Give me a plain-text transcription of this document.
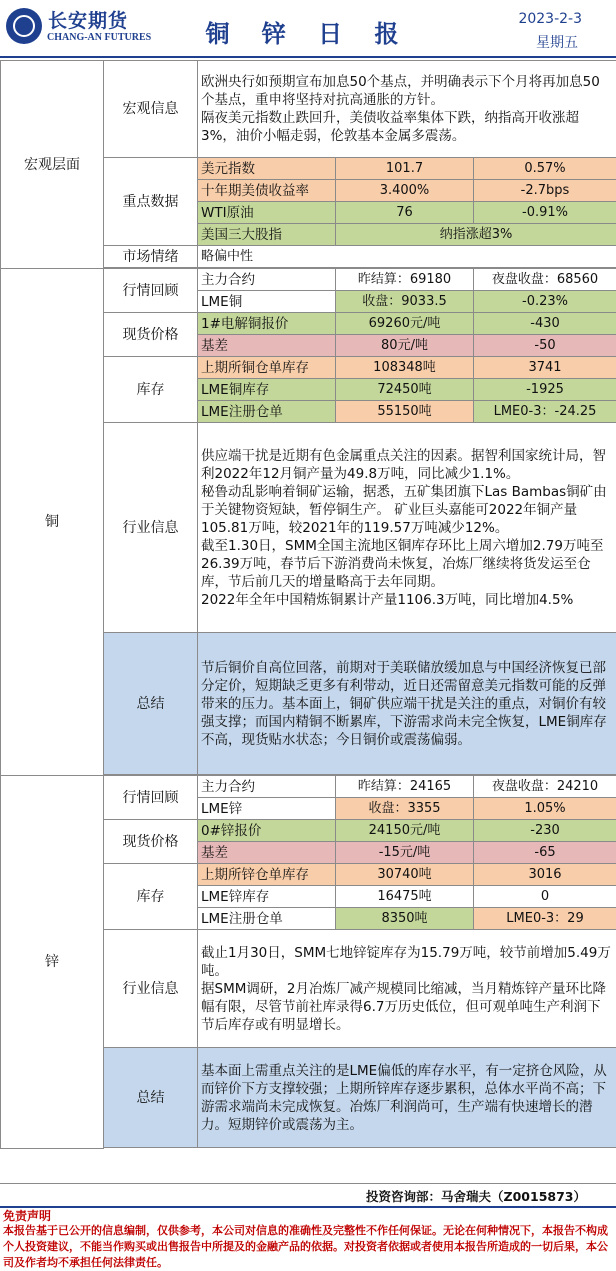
长安期货
CHANG-AN FUTURES	铜 锌 日 报
2023-2-3
星期五
宏观层面	宏观信息	欧洲央行如预期宣布加息50个基点，并明确表示下个月将再加息50个基点，重申将坚持对抗高通胀的方针。
隔夜美元指数止跌回升，美债收益率集体下跌，纳指高开收涨超3%，油价小幅走弱，伦敦基本金属多震荡。		

	重点数据	美元指数	101.7	0.57%
		十年期美债收益率	3.400%	-2.7bps
		WTI原油	76	-0.91%
		美国三大股指	纳指涨超3%	
	市场情绪	略偏中性		

铜	行情回顾	主力合约	昨结算：69180	夜盘收盘：68560
		LME铜	收盘：9033.5	-0.23%
	现货价格	1#电解铜报价	69260元/吨	-430
		基差	80元/吨	-50
	库存	上期所铜仓单库存	108348吨	3741
		LME铜库存	72450吨	-1925
		LME注册仓单	55150吨	LME0-3：-24.25
	行业信息	供应端干扰是近期有色金属重点关注的因素。据智利国家统计局，智利2022年12月铜产量为49.8万吨，同比减少1.1%。
秘鲁动乱影响着铜矿运输，据悉，五矿集团旗下Las Bambas铜矿由于关键物资短缺，暂停铜生产。 矿业巨头嘉能可2022年铜产量105.81万吨，较2021年的119.57万吨减少12%。
截至1.30日，SMM全国主流地区铜库存环比上周六增加2.79万吨至26.39万吨，春节后下游消费尚未恢复，冶炼厂继续将货发运至仓库，节后前几天的增量略高于去年同期。
2022年全年中国精炼铜累计产量1106.3万吨，同比增加4.5%		

	总结	节后铜价自高位回落，前期对于美联储放缓加息与中国经济恢复已部分定价，短期缺乏更多有利带动，近日还需留意美元指数可能的反弹带来的压力。基本面上，铜矿供应端干扰是关注的重点，对铜价有较强支撑；而国内精铜不断累库，下游需求尚未完全恢复，LME铜库存不高，现货贴水状态；今日铜价或震荡偏弱。		

锌	行情回顾	主力合约	昨结算：24165	夜盘收盘：24210
		LME锌	收盘：3355	1.05%
	现货价格	0#锌报价	24150元/吨	-230
		基差	-15元/吨	-65
	库存	上期所锌仓单库存	30740吨	3016
		LME锌库存	16475吨	0
		LME注册仓单	8350吨	LME0-3：29
	行业信息	截止1月30日，SMM七地锌锭库存为15.79万吨，较节前增加5.49万吨。
据SMM调研，2月冶炼厂减产规模同比缩减，当月精炼锌产量环比降幅有限，尽管节前社库录得6.7万历史低位，但可观单吨生产利润下节后库存或有明显增长。		

	总结	基本面上需重点关注的是LME偏低的库存水平，有一定挤仓风险，从而锌价下方支撑较强；上期所锌库存逐步累积，总体水平尚不高；下游需求端尚未完成恢复。冶炼厂利润尚可，生产端有快速增长的潜力。短期锌价或震荡为主。		

投资咨询部：马舍瑞夫（Z0015873）
免责声明
本报告基于已公开的信息编制，仅供参考，本公司对信息的准确性及完整性不作任何保证。无论在何种情况下，本报告不构成个人投资建议，不能当作购买或出售报告中所提及的金融产品的依据。对投资者依据或者使用本报告所造成的一切后果，本公司及作者均不承担任何法律责任。
